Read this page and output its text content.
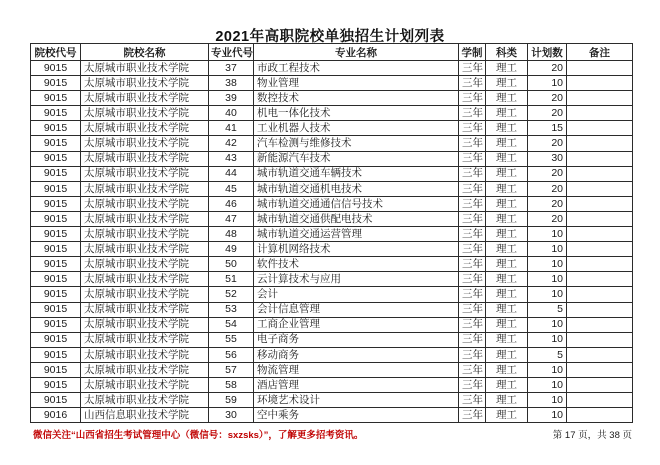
2021年高职院校单独招生计划列表
院校代号	院校名称	专业代号	专业名称	学制	科类	计划数	备注
9015	太原城市职业技术学院	37	市政工程技术	三年	理工	20	
9015	太原城市职业技术学院	38	物业管理	三年	理工	10	
9015	太原城市职业技术学院	39	数控技术	三年	理工	20	
9015	太原城市职业技术学院	40	机电一体化技术	三年	理工	20	
9015	太原城市职业技术学院	41	工业机器人技术	三年	理工	15	
9015	太原城市职业技术学院	42	汽车检测与维修技术	三年	理工	20	
9015	太原城市职业技术学院	43	新能源汽车技术	三年	理工	30	
9015	太原城市职业技术学院	44	城市轨道交通车辆技术	三年	理工	20	
9015	太原城市职业技术学院	45	城市轨道交通机电技术	三年	理工	20	
9015	太原城市职业技术学院	46	城市轨道交通通信信号技术	三年	理工	20	
9015	太原城市职业技术学院	47	城市轨道交通供配电技术	三年	理工	20	
9015	太原城市职业技术学院	48	城市轨道交通运营管理	三年	理工	10	
9015	太原城市职业技术学院	49	计算机网络技术	三年	理工	10	
9015	太原城市职业技术学院	50	软件技术	三年	理工	10	
9015	太原城市职业技术学院	51	云计算技术与应用	三年	理工	10	
9015	太原城市职业技术学院	52	会计	三年	理工	10	
9015	太原城市职业技术学院	53	会计信息管理	三年	理工	5	
9015	太原城市职业技术学院	54	工商企业管理	三年	理工	10	
9015	太原城市职业技术学院	55	电子商务	三年	理工	10	
9015	太原城市职业技术学院	56	移动商务	三年	理工	5	
9015	太原城市职业技术学院	57	物流管理	三年	理工	10	
9015	太原城市职业技术学院	58	酒店管理	三年	理工	10	
9015	太原城市职业技术学院	59	环境艺术设计	三年	理工	10	
9016	山西信息职业技术学院	30	空中乘务	三年	理工	10	
微信关注“山西省招生考试管理中心（微信号：sxzsks）”，了解更多招考资讯。	第 17 页，共 38 页
